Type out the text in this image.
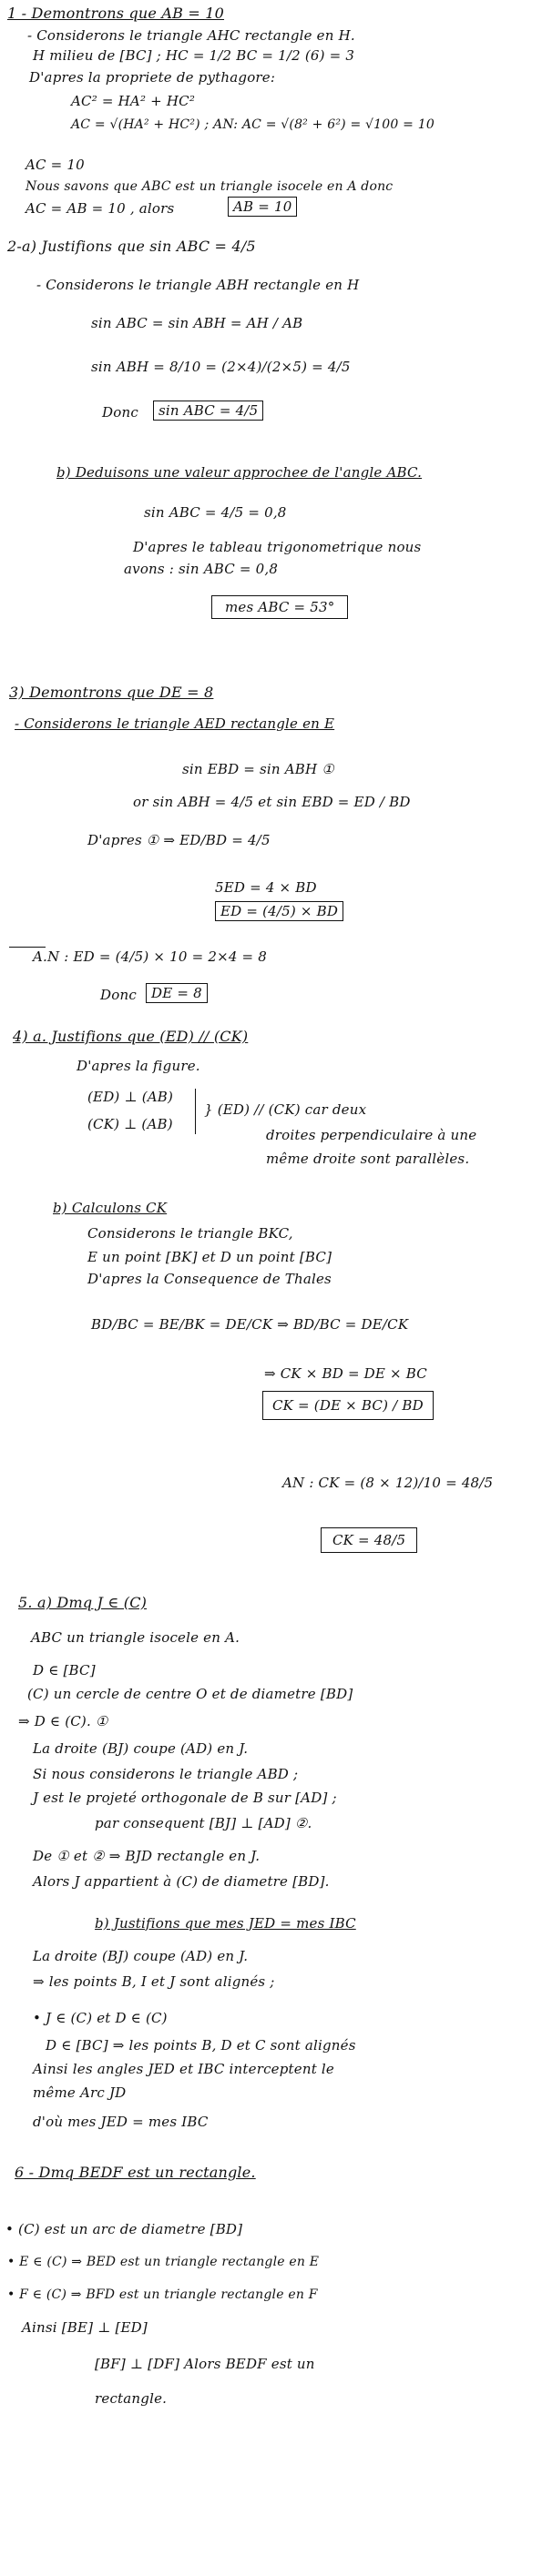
1 - Demontrons que AB = 10
- Considerons le triangle AHC rectangle en H.
H milieu de [BC] ; HC = 1/2 BC = 1/2 (6) = 3
D'apres la propriete de pythagore:
AC² = HA² + HC²
AC = √(HA² + HC²) ; AN: AC = √(8² + 6²) = √100 = 10
AC = 10
Nous savons que ABC est un triangle isocele en A donc
AC = AB = 10 , alors	AB = 10
2-a) Justifions que sin ABC = 4/5
- Considerons le triangle ABH rectangle en H
sin ABC = sin ABH = AH / AB
sin ABH = 8/10 = (2×4)/(2×5) = 4/5
Donc	sin ABC = 4/5
b) Deduisons une valeur approchee de l'angle ABC.
sin ABC = 4/5 = 0,8
D'apres le tableau trigonometrique nous
avons : sin ABC = 0,8
mes ABC = 53°
3) Demontrons que DE = 8
- Considerons le triangle AED rectangle en E
sin EBD = sin ABH ①
or sin ABH = 4/5 et sin EBD = ED / BD
D'apres ① ⇒ ED/BD = 4/5
5ED = 4 × BD
ED = (4/5) × BD
A.N : ED = (4/5) × 10 = 2×4 = 8
Donc	DE = 8
4) a. Justifions que (ED) // (CK)
D'apres la figure.
(ED) ⊥ (AB)
(CK) ⊥ (AB)
} (ED) // (CK) car deux
droites perpendiculaire à une
même droite sont parallèles.
b) Calculons CK
Considerons le triangle BKC,
E un point [BK] et D un point [BC]
D'apres la Consequence de Thales
BD/BC = BE/BK = DE/CK ⇒ BD/BC = DE/CK
⇒ CK × BD = DE × BC
CK = (DE × BC) / BD
AN : CK = (8 × 12)/10 = 48/5
CK = 48/5
5. a) Dmq J ∈ (C)
ABC un triangle isocele en A.
D ∈ [BC]
(C) un cercle de centre O et de diametre [BD]
⇒ D ∈ (C). ①
La droite (BJ) coupe (AD) en J.
Si nous considerons le triangle ABD ;
J est le projeté orthogonale de B sur [AD] ;
par consequent [BJ] ⊥ [AD] ②.
De ① et ② ⇒ BJD rectangle en J.
Alors J appartient à (C) de diametre [BD].
b) Justifions que mes JED = mes IBC
La droite (BJ) coupe (AD) en J.
⇒ les points B, I et J sont alignés ;
• J ∈ (C) et D ∈ (C)
D ∈ [BC] ⇒ les points B, D et C sont alignés
Ainsi les angles JED et IBC interceptent le
même Arc JD
d'où mes JED = mes IBC
6 - Dmq BEDF est un rectangle.
• (C) est un arc de diametre [BD]
• E ∈ (C) ⇒ BED est un triangle rectangle en E
• F ∈ (C) ⇒ BFD est un triangle rectangle en F
Ainsi [BE] ⊥ [ED]
[BF] ⊥ [DF] Alors BEDF est un
rectangle.
